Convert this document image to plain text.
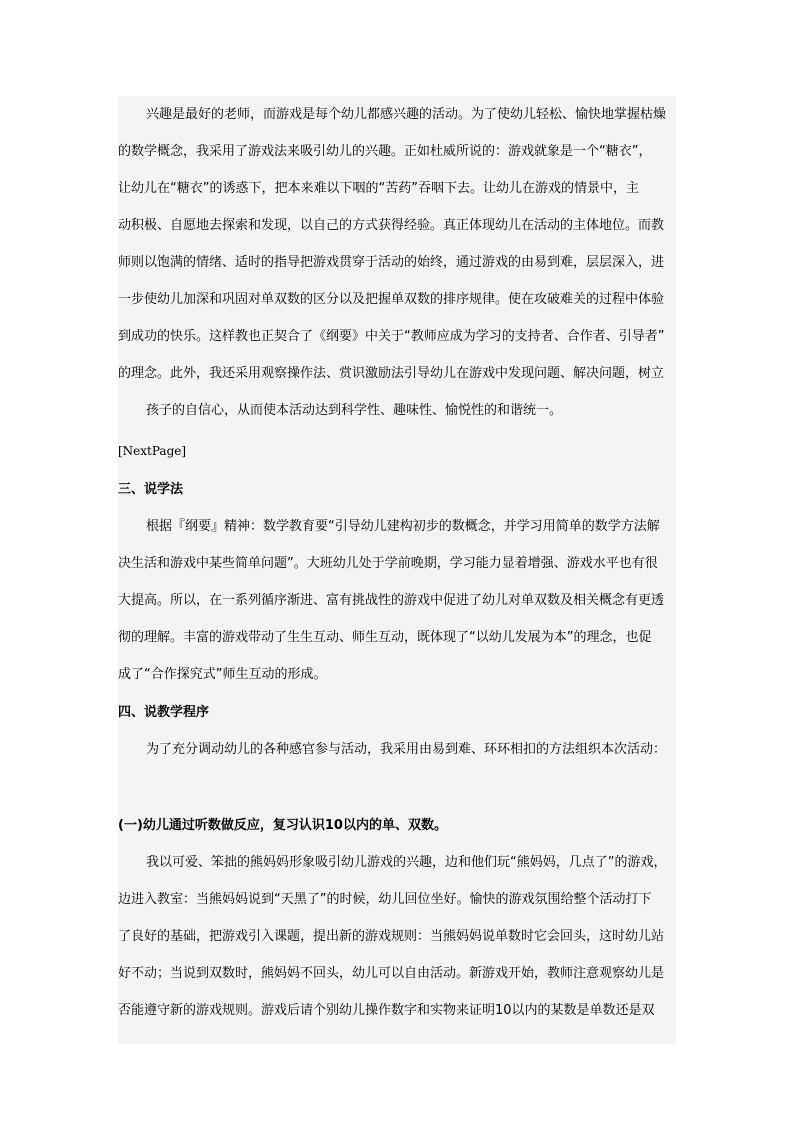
兴趣是最好的老师，而游戏是每个幼儿都感兴趣的活动。为了使幼儿轻松、愉快地掌握枯燥
的数学概念，我采用了游戏法来吸引幼儿的兴趣。正如杜威所说的：游戏就象是一个“糖衣”，
让幼儿在“糖衣”的诱惑下，把本来难以下咽的“苦药”吞咽下去。让幼儿在游戏的情景中，主
动积极、自愿地去探索和发现，以自己的方式获得经验。真正体现幼儿在活动的主体地位。而教
师则以饱满的情绪、适时的指导把游戏贯穿于活动的始终，通过游戏的由易到难，层层深入，进
一步使幼儿加深和巩固对单双数的区分以及把握单双数的排序规律。使在攻破难关的过程中体验
到成功的快乐。这样教也正契合了《纲要》中关于“教师应成为学习的支持者、合作者、引导者”
的理念。此外，我还采用观察操作法、赏识激励法引导幼儿在游戏中发现问题、解决问题，树立
孩子的自信心，从而使本活动达到科学性、趣味性、愉悦性的和谐统一。
[NextPage]
三、说学法
根据『纲要』精神：数学教育要“引导幼儿建构初步的数概念，并学习用简单的数学方法解
决生活和游戏中某些简单问题”。大班幼儿处于学前晚期，学习能力显着增强、游戏水平也有很
大提高。所以，在一系列循序渐进、富有挑战性的游戏中促进了幼儿对单双数及相关概念有更透
彻的理解。丰富的游戏带动了生生互动、师生互动，既体现了“以幼儿发展为本”的理念，也促
成了“合作探究式”师生互动的形成。
四、说教学程序
为了充分调动幼儿的各种感官参与活动，我采用由易到难、环环相扣的方法组织本次活动：
(一)幼儿通过听数做反应，复习认识10以内的单、双数。
我以可爱、笨拙的熊妈妈形象吸引幼儿游戏的兴趣，边和他们玩“熊妈妈，几点了”的游戏，
边进入教室：当熊妈妈说到“天黑了”的时候，幼儿回位坐好。愉快的游戏氛围给整个活动打下
了良好的基础，把游戏引入课题，提出新的游戏规则：当熊妈妈说单数时它会回头，这时幼儿站
好不动；当说到双数时，熊妈妈不回头，幼儿可以自由活动。新游戏开始，教师注意观察幼儿是
否能遵守新的游戏规则。游戏后请个别幼儿操作数字和实物来证明10以内的某数是单数还是双
